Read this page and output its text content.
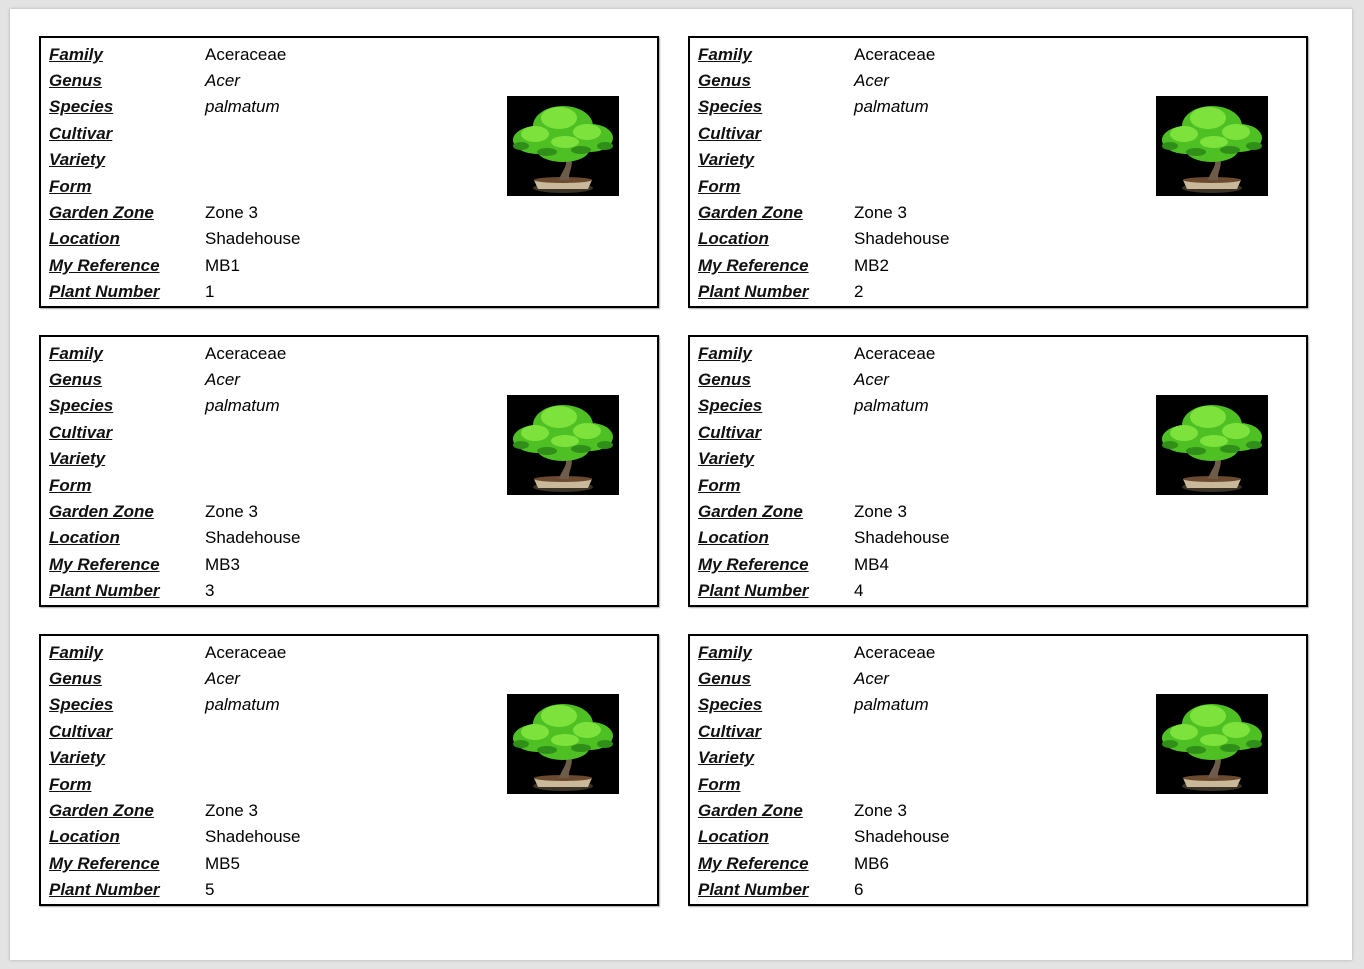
Family	Aceraceae
Genus	Acer
Species	palmatum
Cultivar
Variety
Form
Garden Zone	Zone 3
Location	Shadehouse
My Reference	MB1
Plant Number	1
Family	Aceraceae
Genus	Acer
Species	palmatum
Cultivar
Variety
Form
Garden Zone	Zone 3
Location	Shadehouse
My Reference	MB2
Plant Number	2
Family	Aceraceae
Genus	Acer
Species	palmatum
Cultivar
Variety
Form
Garden Zone	Zone 3
Location	Shadehouse
My Reference	MB3
Plant Number	3
Family	Aceraceae
Genus	Acer
Species	palmatum
Cultivar
Variety
Form
Garden Zone	Zone 3
Location	Shadehouse
My Reference	MB4
Plant Number	4
Family	Aceraceae
Genus	Acer
Species	palmatum
Cultivar
Variety
Form
Garden Zone	Zone 3
Location	Shadehouse
My Reference	MB5
Plant Number	5
Family	Aceraceae
Genus	Acer
Species	palmatum
Cultivar
Variety
Form
Garden Zone	Zone 3
Location	Shadehouse
My Reference	MB6
Plant Number	6
